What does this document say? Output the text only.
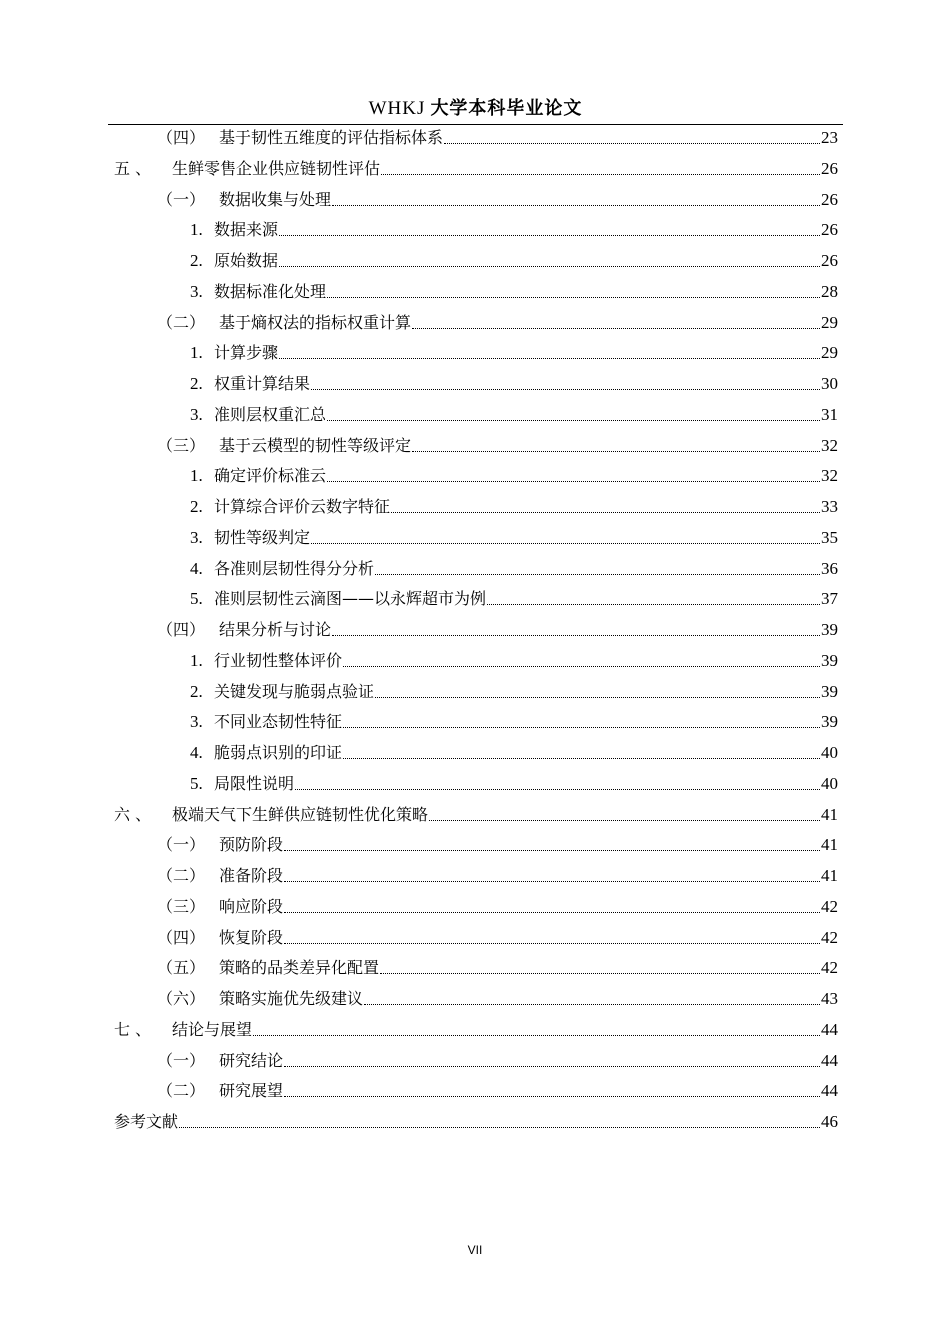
WHKJ 大学本科毕业论文
（四） 基于韧性五维度的评估指标体系	23
五 、	生鲜零售企业供应链韧性评估	26
（一） 数据收集与处理	26
1. 数据来源	26
2. 原始数据	26
3. 数据标准化处理	28
（二） 基于熵权法的指标权重计算	29
1. 计算步骤	29
2. 权重计算结果	30
3. 准则层权重汇总	31
（三） 基于云模型的韧性等级评定	32
1. 确定评价标准云	32
2. 计算综合评价云数字特征	33
3. 韧性等级判定	35
4. 各准则层韧性得分分析	36
5. 准则层韧性云滴图——以永辉超市为例	37
（四） 结果分析与讨论	39
1. 行业韧性整体评价	39
2. 关键发现与脆弱点验证	39
3. 不同业态韧性特征	39
4. 脆弱点识别的印证	40
5. 局限性说明	40
六 、	极端天气下生鲜供应链韧性优化策略	41
（一） 预防阶段	41
（二） 准备阶段	41
（三） 响应阶段	42
（四） 恢复阶段	42
（五） 策略的品类差异化配置	42
（六） 策略实施优先级建议	43
七 、	结论与展望	44
（一） 研究结论	44
（二） 研究展望	44
参考文献	46
VII
